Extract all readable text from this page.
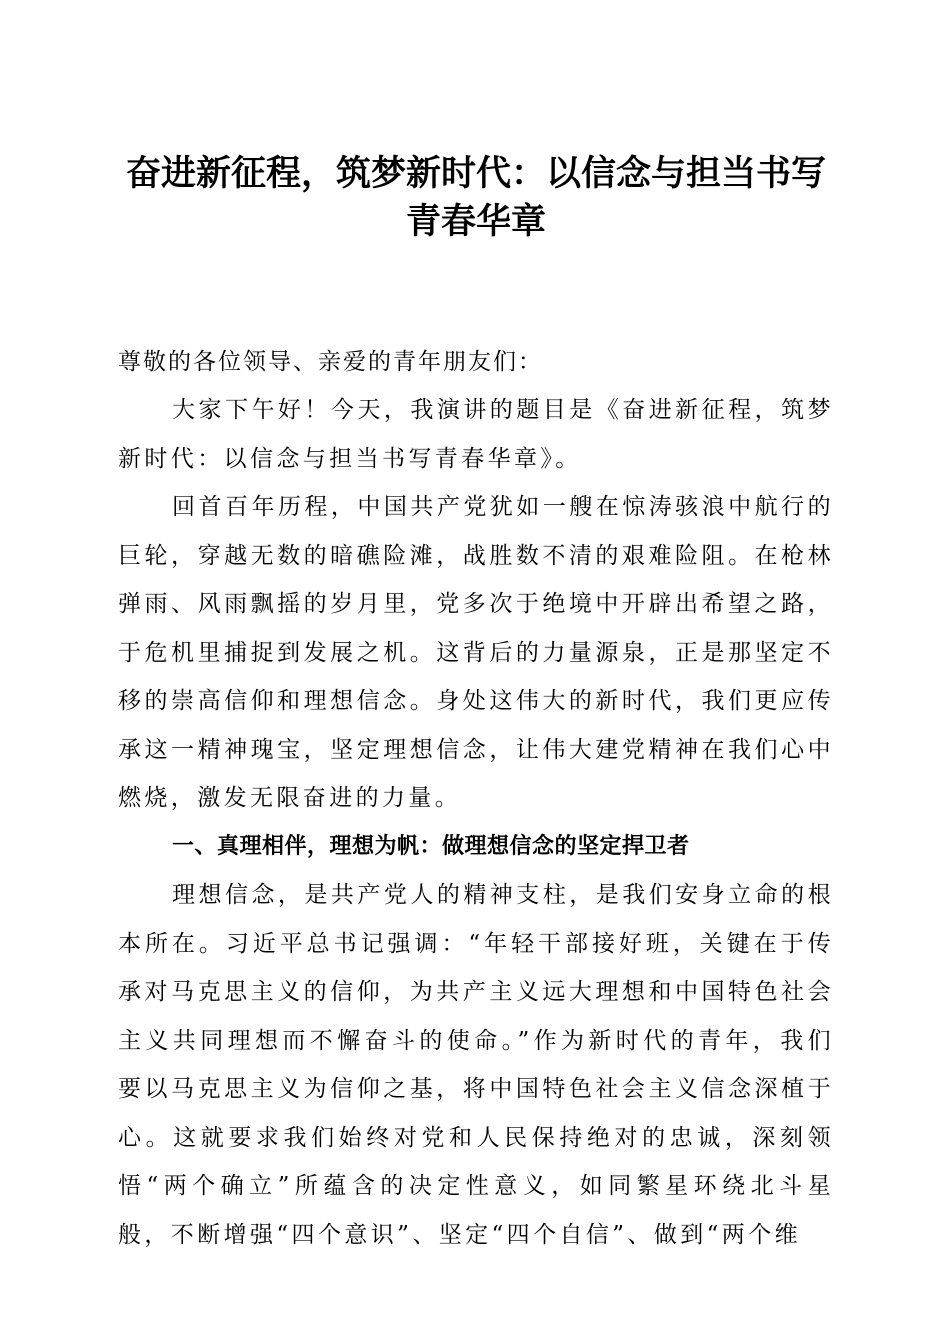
奋进新征程，筑梦新时代：以信念与担当书写
青春华章

尊敬的各位领导、亲爱的青年朋友们：

大家下午好！今天，我演讲的题目是《奋进新征程，筑梦新时代：以信念与担当书写青春华章》。

回首百年历程，中国共产党犹如一艘在惊涛骇浪中航行的巨轮，穿越无数的暗礁险滩，战胜数不清的艰难险阻。在枪林弹雨、风雨飘摇的岁月里，党多次于绝境中开辟出希望之路，于危机里捕捉到发展之机。这背后的力量源泉，正是那坚定不移的崇高信仰和理想信念。身处这伟大的新时代，我们更应传承这一精神瑰宝，坚定理想信念，让伟大建党精神在我们心中燃烧，激发无限奋进的力量。

一、真理相伴，理想为帆：做理想信念的坚定捍卫者

理想信念，是共产党人的精神支柱，是我们安身立命的根本所在。习近平总书记强调：“年轻干部接好班，关键在于传承对马克思主义的信仰，为共产主义远大理想和中国特色社会主义共同理想而不懈奋斗的使命。”作为新时代的青年，我们要以马克思主义为信仰之基，将中国特色社会主义信念深植于心。这就要求我们始终对党和人民保持绝对的忠诚，深刻领悟“两个确立”所蕴含的决定性意义，如同繁星环绕北斗星般，不断增强“四个意识”、坚定“四个自信”、做到“两个维
